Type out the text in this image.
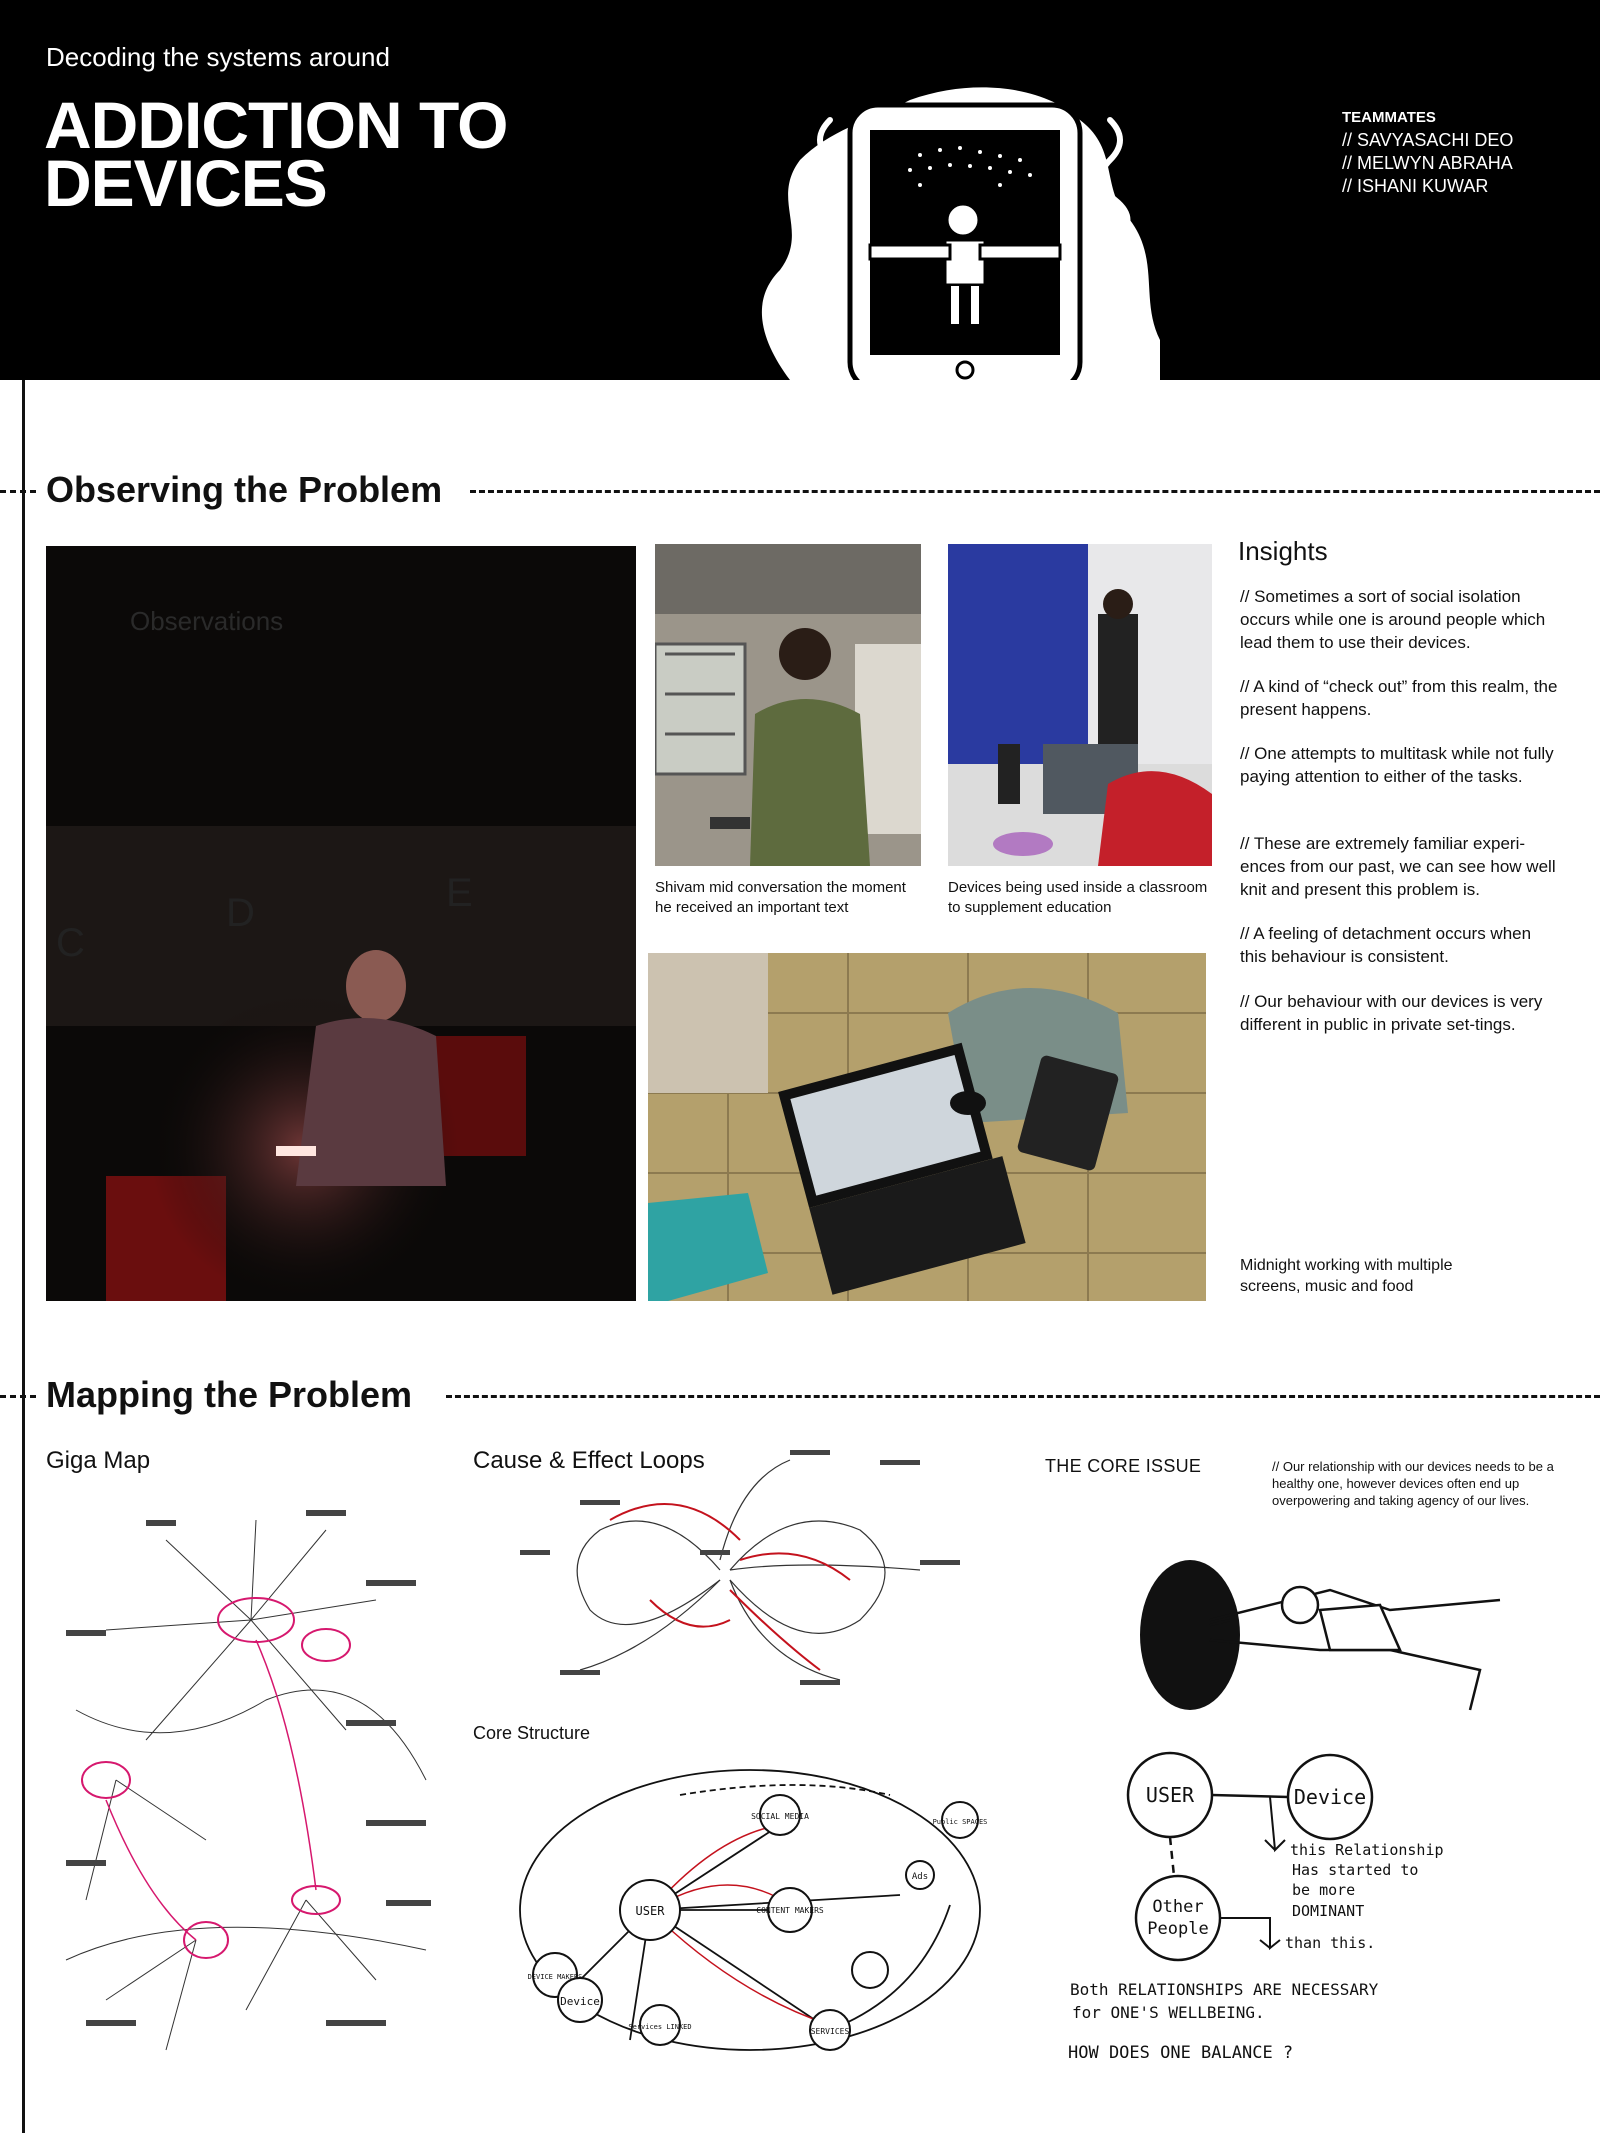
Decoding the systems around
ADDICTION TO
DEVICES
TEAMMATES
// SAVYASACHI DEO
// MELWYN ABRAHA
// ISHANI KUWAR
Observing the Problem
D	E
C
Observations
Shivam mid conversation the moment he received an important text
Devices being used inside a classroom to supplement education
Insights
// Sometimes a sort of social isolation occurs while one is around people which lead them to use their devices.
// A kind of “check out” from this realm, the present happens.
// One attempts to multitask while not fully paying attention to either of the tasks.
// These are extremely familiar experi-ences from our past, we can see how well knit and present this problem is.
// A feeling of detachment occurs when this behaviour is consistent.
// Our behaviour with our devices is very different in public in private set-tings.
Midnight working with multiple screens, music and food
Mapping the Problem
Giga Map	Cause & Effect Loops
Core Structure
USER
Device
SOCIAL MEDIA
CONTENT MAKERS
Ads
Public SPACES
SERVICES
DEVICE MAKERS
Services LINKED
THE CORE ISSUE	// Our relationship with our devices needs to be a healthy one, however devices often end up overpowering and taking agency of our lives.
USER	Device
Other
People
this Relationship
Has started to
be more
DOMINANT
than this.
Both RELATIONSHIPS ARE NECESSARY
for ONE'S WELLBEING.
HOW DOES ONE BALANCE ?
